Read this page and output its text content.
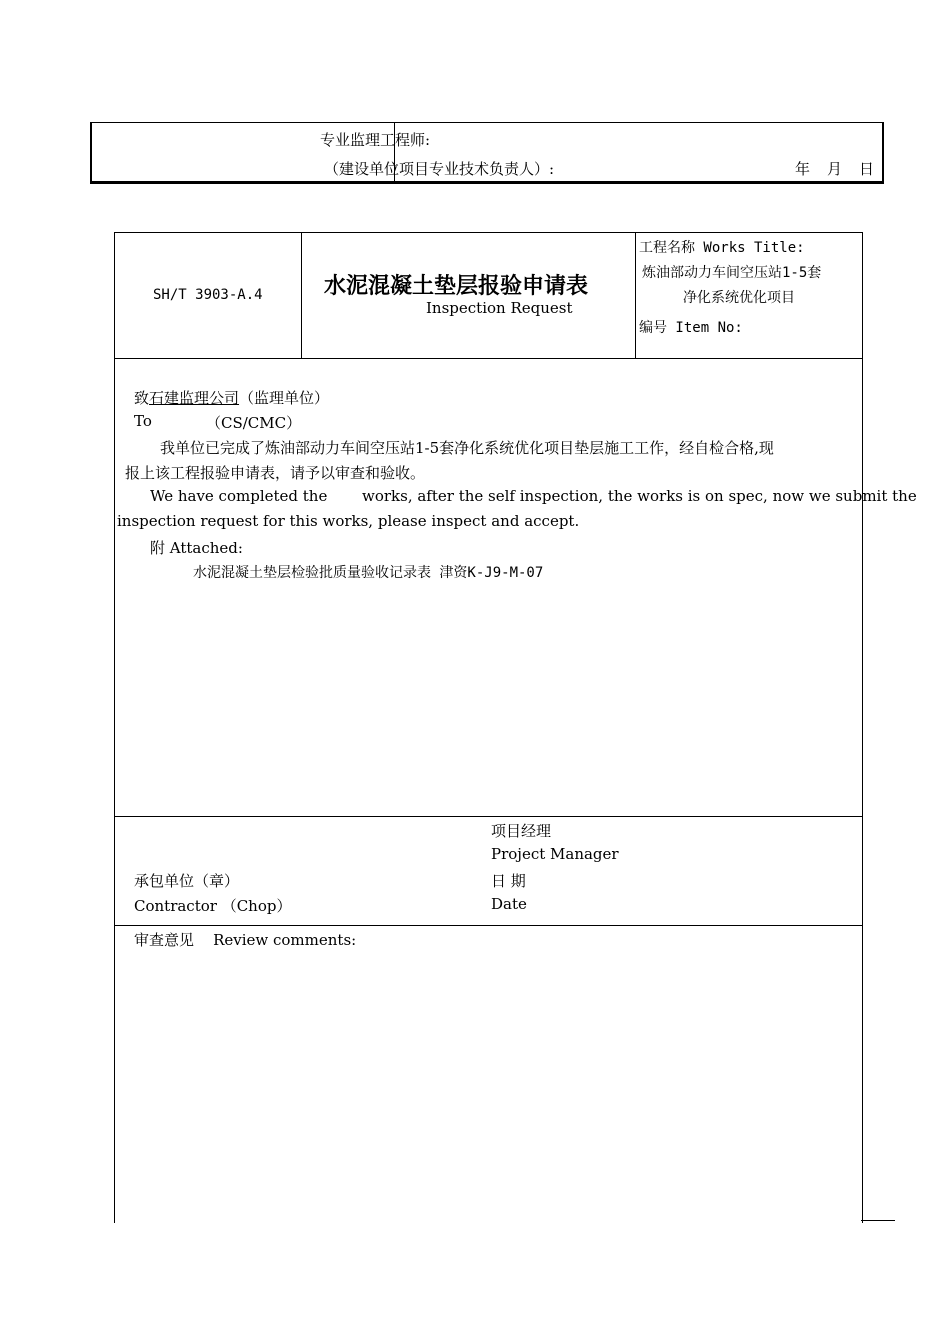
专业监理工程师:
（建设单位项目专业技术负责人）:	年 月 日
SH/T 3903-A.4	水泥混凝土垫层报验申请表
Inspection Request
工程名称 Works Title:
炼油部动力车间空压站1-5套
净化系统优化项目
编号 Item No:
致石建监理公司（监理单位）
To	（CS/CMC）
我单位已完成了炼油部动力车间空压站1-5套净化系统优化项目垫层施工工作，经自检合格,现
报上该工程报验申请表，请予以审查和验收。
We have completed the works, after the self inspection, the works is on spec, now we submit the
inspection request for this works, please inspect and accept.
附 Attached:
水泥混凝土垫层检验批质量验收记录表 津资K-J9-M-07
项目经理
Project Manager
承包单位（章）	日 期
Contractor （Chop）	Date
审查意见    Review comments:
